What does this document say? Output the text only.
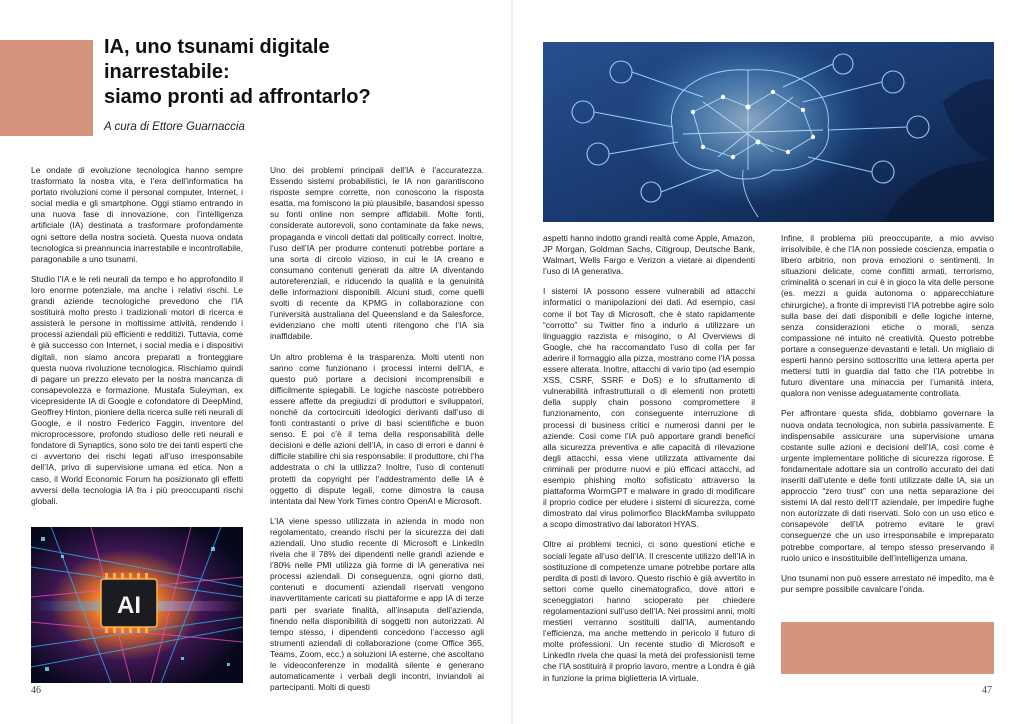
IA, uno tsunami digitale inarrestabile:
siamo pronti ad affrontarlo?
A cura di Ettore Guarnaccia

Le ondate di evoluzione tecnologica hanno sempre trasformato la nostra vita, e l’era dell’informatica ha portato rivoluzioni come il personal computer, Internet, i social media e gli smartphone. Oggi stiamo entrando in una nuova fase di innovazione, con l’intelligenza artificiale (IA) destinata a trasformare profondamente ogni settore della nostra società. Questa nuova ondata tecnologica si preannuncia inarrestabile e incontrollabile, paragonabile a uno tsunami.

Studio l’IA e le reti neurali da tempo e ho approfondito il loro enorme potenziale, ma anche i relativi rischi. Le grandi aziende tecnologiche prevedono che l’IA sostituirà molto presto i tradizionali motori di ricerca e assisterà le persone in moltissime attività, rendendo i processi aziendali più efficienti e redditizi. Tuttavia, come è già successo con Internet, i social media e i dispositivi digitali, non siamo ancora preparati a fronteggiare questa nuova rivoluzione tecnologica. Rischiamo quindi di pagare un prezzo elevato per la nostra mancanza di consapevolezza e formazione. Mustafa Suleyman, ex vicepresidente IA di Google e cofondatore di DeepMind, Geoffrey Hinton, pioniere della ricerca sulle reti neurali di Google, e il nostro Federico Faggin, inventore del microprocessore, profondo studioso delle reti neurali e fondatore di Synaptics, sono solo tre dei tanti esperti che ci avvertono dei rischi legati all’uso irresponsabile dell’IA, privo di supervisione umana ed etica. Non a caso, il World Economic Forum ha posizionato gli effetti avversi della tecnologia IA fra i più preoccupanti rischi globali.

Uno dei problemi principali dell’IA è l’accuratezza. Essendo sistemi probabilistici, le IA non garantiscono risposte sempre corrette, non conoscono la risposta esatta, ma forniscono la più plausibile, basandosi spesso su fonti online non sempre affidabili. Molte fonti, considerate autorevoli, sono contaminate da fake news, propaganda e vincoli dettati dal politically correct. Inoltre, l’uso dell’IA per produrre contenuti potrebbe portare a una sorta di circolo vizioso, in cui le IA creano e consumano contenuti generati da altre IA diventando autoreferenziali, e riducendo la qualità e la genuinità delle informazioni disponibili. Alcuni studi, come quelli svolti di recente da KPMG in collaborazione con l’università australiana del Queensland e da Salesforce, evidenziano che molti utenti ritengono che l’IA sia inaffidabile.

Un altro problema è la trasparenza. Molti utenti non sanno come funzionano i processi interni dell’IA, e questo può portare a decisioni incomprensibili e difficilmente spiegabili. Le logiche nascoste potrebbero essere affette da pregiudizi di produttori e sviluppatori, nonché da cortocircuiti ideologici derivanti dall’uso di fonti contrastanti o prive di basi scientifiche e buon senso. E poi c’è il tema della responsabilità delle decisioni e delle azioni dell’IA, in caso di errori e danni è difficile stabilire chi sia responsabile: il produttore, chi l’ha addestrata o chi la utilizza? Inoltre, l’uso di contenuti protetti da copyright per l’addestramento delle IA è oggetto di dispute legali, come dimostra la causa intentata dal New York Times contro OpenAI e Microsoft.

L’IA viene spesso utilizzata in azienda in modo non regolamentato, creando rischi per la sicurezza dei dati aziendali. Uno studio recente di Microsoft e LinkedIn rivela che il 78% dei dipendenti nelle grandi aziende e l’80% nelle PMI utilizza già forme di IA generativa nei processi aziendali. Di conseguenza, ogni giorno dati, contenuti e documenti aziendali riservati vengono inavvertitamente caricati su piattaforme e app IA di terze parti per svariate finalità, all’insaputa dell’azienda, finendo nella disponibilità di soggetti non autorizzati. Al tempo stesso, i dipendenti concedono l’accesso agli strumenti aziendali di collaborazione (come Office 365, Teams, Zoom, ecc.) a soluzioni IA esterne, che ascoltano le videoconferenze in modalità silente e generano automaticamente i verbali degli incontri, inviandoli ai partecipanti. Molti di questi

AI

aspetti hanno indotto grandi realtà come Apple, Amazon, JP Morgan, Goldman Sachs, Citigroup, Deutsche Bank, Walmart, Wells Fargo e Verizon a vietare ai dipendenti l’uso di IA generativa.

I sistemi IA possono essere vulnerabili ad attacchi informatici o manipolazioni dei dati. Ad esempio, casi come il bot Tay di Microsoft, che è stato rapidamente “corrotto” su Twitter fino a indurlo a utilizzare un linguaggio razzista e misogino, o AI Overviews di Google, che ha raccomandato l’uso di colla per far aderire il formaggio alla pizza, mostrano come l’IA possa essere alterata. Inoltre, attacchi di vario tipo (ad esempio XSS, CSRF, SSRF e DoS) e lo sfruttamento di vulnerabilità infrastrutturali o di elementi non protetti della supply chain possono compromettere il funzionamento, con conseguente interruzione di processi di business critici e numerosi danni per le aziende. Così come l’IA può apportare grandi benefici alla sicurezza preventiva e alle capacità di rilevazione degli attacchi, essa viene utilizzata attivamente dai criminali per produrre nuovi e più efficaci attacchi, ad esempio phishing molto sofisticato attraverso la piattaforma WormGPT e malware in grado di modificare il proprio codice per eludere i sistemi di sicurezza, come dimostrato dal virus polimorfico BlackMamba sviluppato a scopo dimostrativo dai laboratori HYAS.

Oltre ai problemi tecnici, ci sono questioni etiche e sociali legate all’uso dell’IA. Il crescente utilizzo dell’IA in sostituzione di competenze umane potrebbe portare alla perdita di posti di lavoro. Questo rischio è già avvertito in settori come quello cinematografico, dove attori e sceneggiatori hanno scioperato per chiedere regolamentazioni sull’uso dell’IA. Nei prossimi anni, molti mestieri verranno sostituiti dall’IA, aumentando l’efficienza, ma anche mettendo in pericolo il futuro di molte professioni. Un recente studio di Microsoft e LinkedIn rivela che quasi la metà dei professionisti teme che l’IA sostituirà il proprio lavoro, mentre a Londra è già in funzione la prima biglietteria IA virtuale.

Infine, il problema più preoccupante, a mio avviso irrisolvibile, è che l’IA non possiede coscienza, empatia o libero arbitrio, non prova emozioni o sentimenti. In situazioni delicate, come conflitti armati, terrorismo, criminalità o scenari in cui è in gioco la vita delle persone (es. mezzi a guida autonoma o apparecchiature chirurgiche), a fronte di imprevisti l’IA potrebbe agire solo sulla base dei dati disponibili e delle logiche interne, senza considerazioni etiche o morali, senza compassione né intuito né creatività. Questo potrebbe portare a conseguenze devastanti e letali. Un migliaio di esperti hanno persino sottoscritto una lettera aperta per mettersi tutti in guardia dal fatto che l’IA potrebbe in futuro diventare una minaccia per l’umanità intera, qualora non venisse adeguatamente controllata.

Per affrontare questa sfida, dobbiamo governare la nuova ondata tecnologica, non subirla passivamente. È indispensabile assicurare una supervisione umana costante sulle azioni e decisioni dell’IA, così come è urgente implementare politiche di sicurezza rigorose. È fondamentale adottare sia un controllo accurato dei dati inseriti dall’utente e delle fonti utilizzate dalle IA, sia un approccio “zero trust” con una netta separazione dei sistemi IA dal resto dell’IT aziendale, per impedire fughe non autorizzate di dati riservati. Solo con un uso etico e consapevole dell’IA potremo evitare le gravi conseguenze che un uso irresponsabile e impreparato potrebbe comportare, al tempo stesso preservando il ruolo unico e insostituibile dell’intelligenza umana.

Uno tsunami non può essere arrestato né impedito, ma è pur sempre possibile cavalcare l’onda.

46	47
